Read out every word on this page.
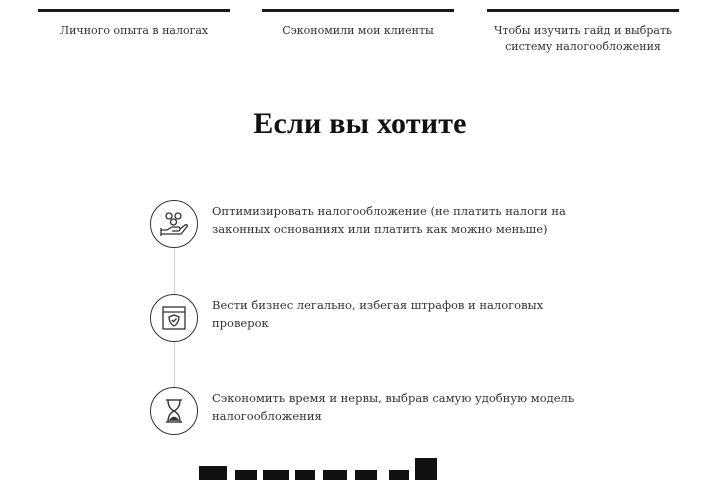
Личного опыта в налогах	Сэкономили мои клиенты	Чтобы изучить гайд и выбрать систему налогообложения
Если вы хотите
Оптимизировать налогообложение (не платить налоги на законных основаниях или платить как можно меньше)
Вести бизнес легально, избегая штрафов и налоговых проверок
Сэкономить время и нервы, выбрав самую удобную модель налогообложения
